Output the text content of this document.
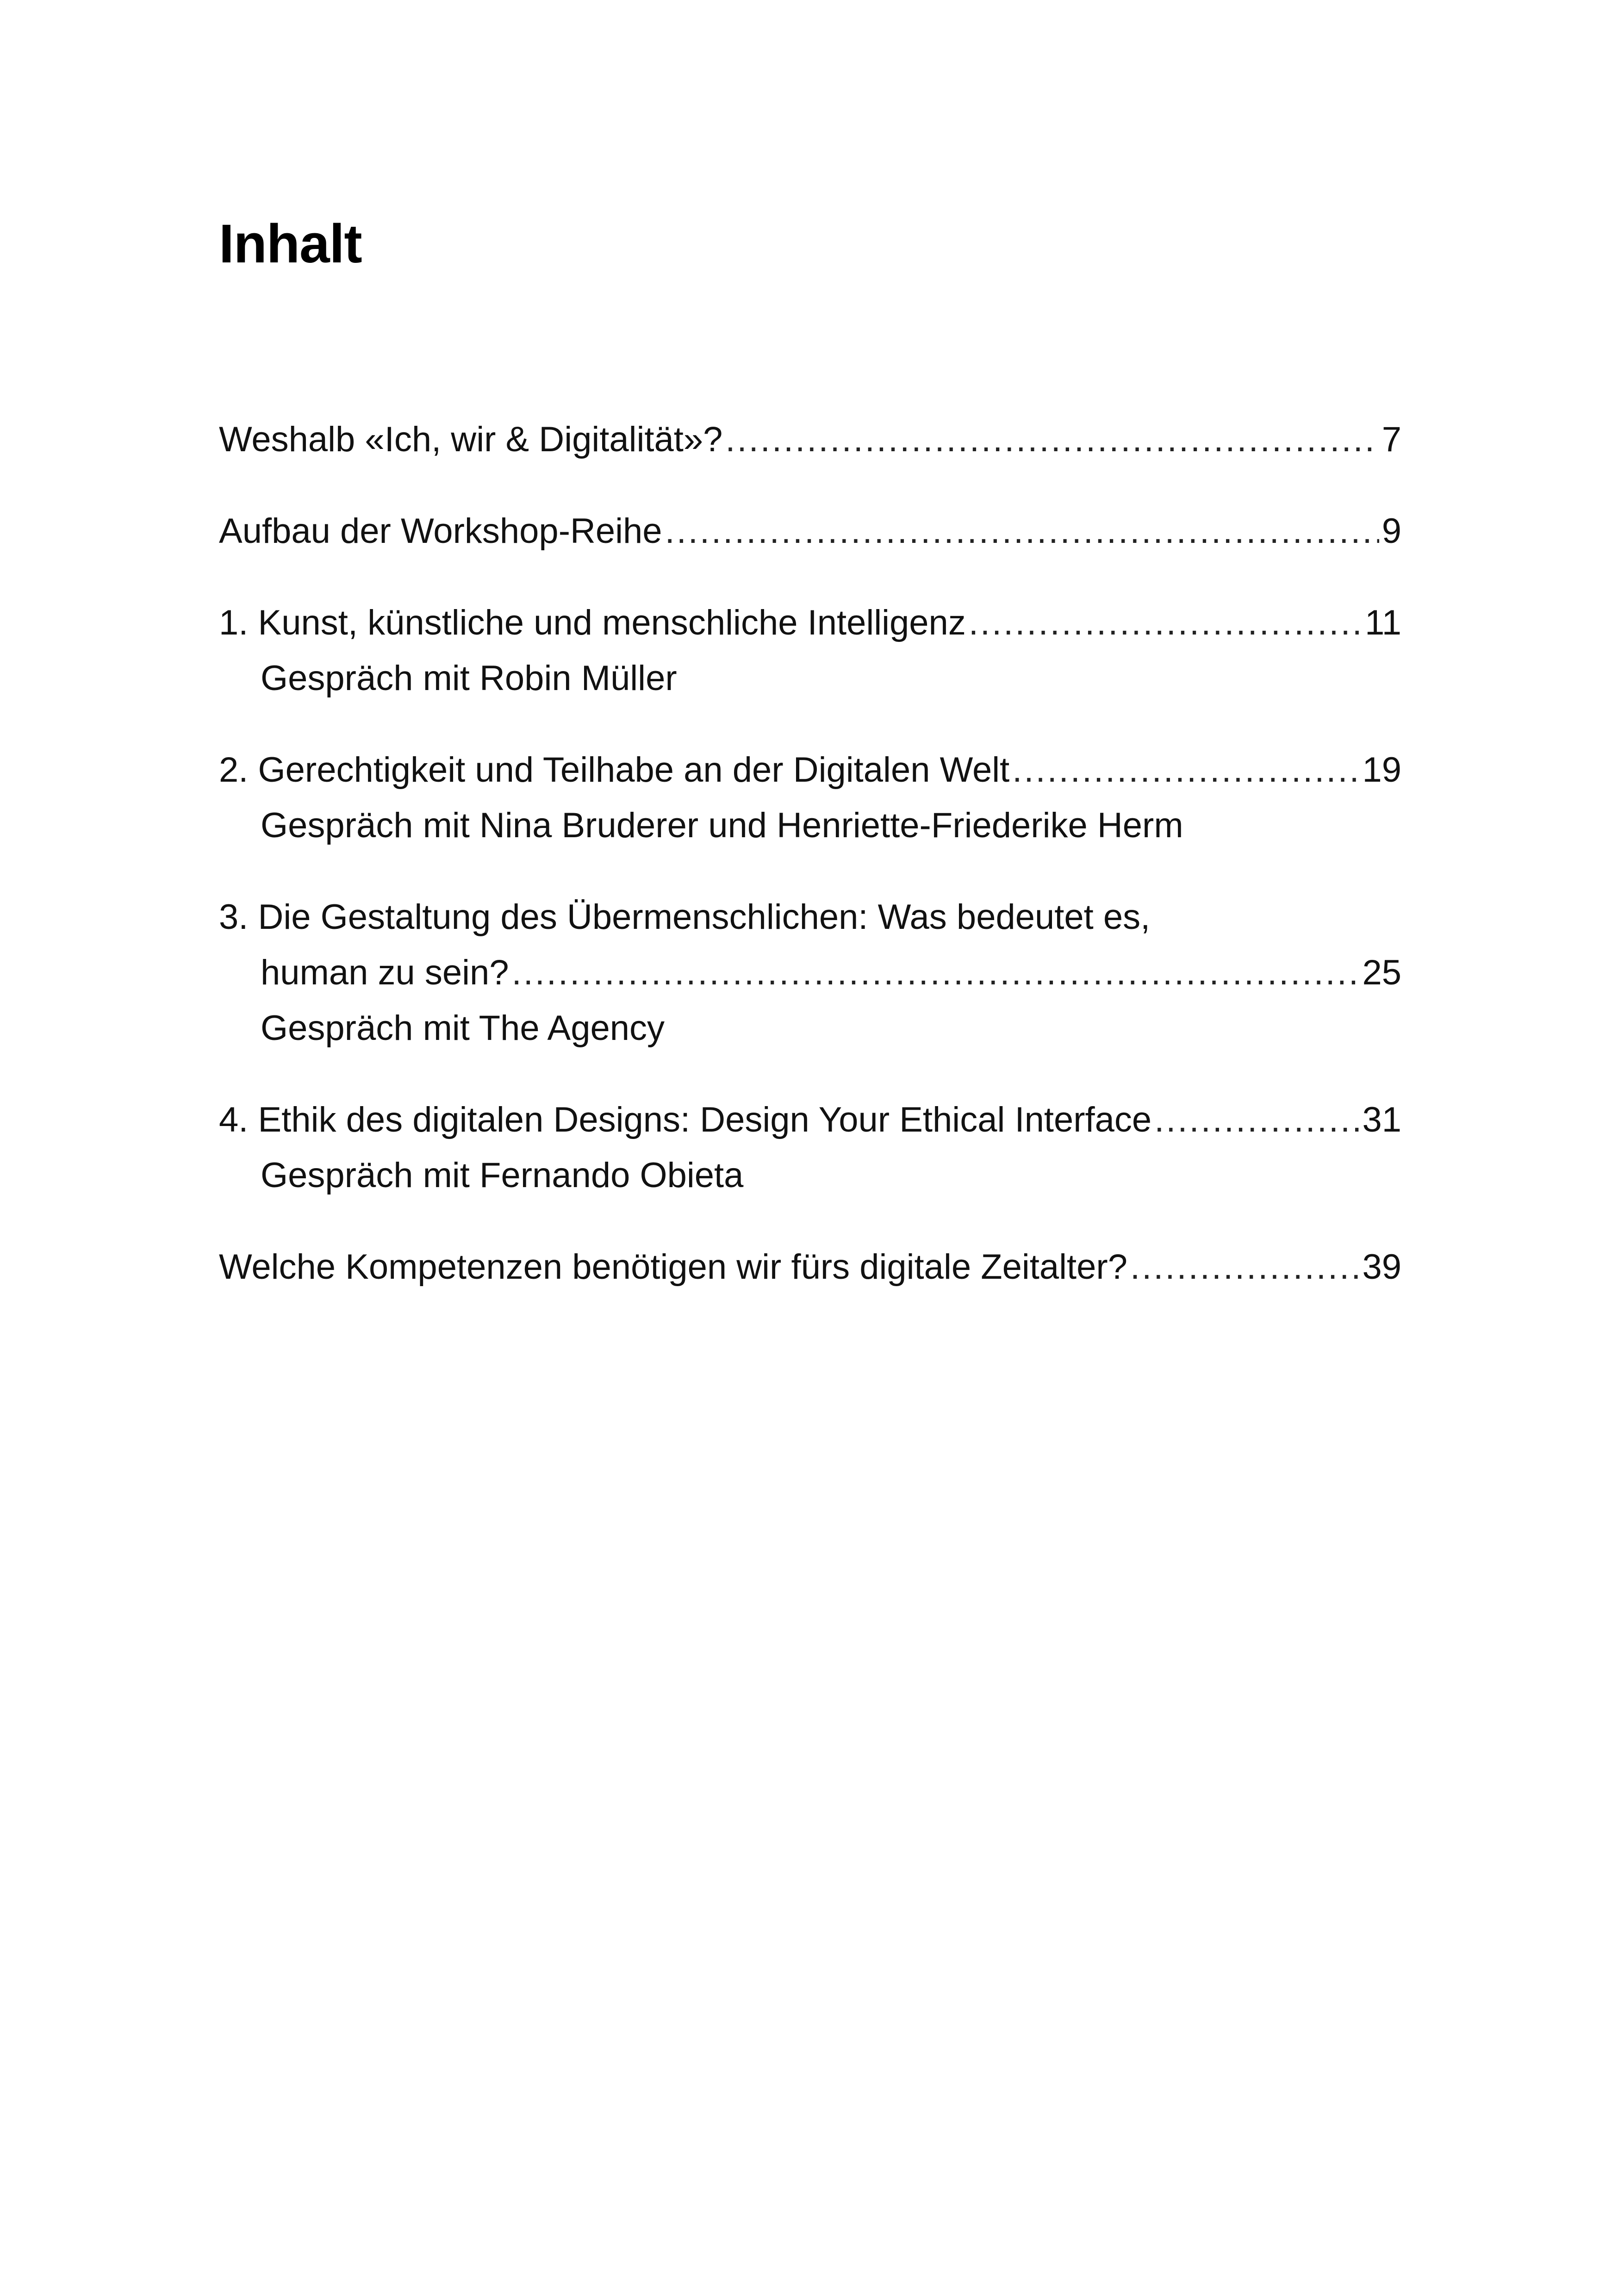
Inhalt
Weshalb «Ich, wir & Digitalität»? .....	7
Aufbau der Workshop-Reihe .....	9
1. Kunst, künstliche und menschliche Intelligenz .....	11
Gespräch mit Robin Müller
2. Gerechtigkeit und Teilhabe an der Digitalen Welt .....	19
Gespräch mit Nina Bruderer und Henriette-Friederike Herm
3. Die Gestaltung des Übermenschlichen: Was bedeutet es,
human zu sein? .....	25
Gespräch mit The Agency
4. Ethik des digitalen Designs: Design Your Ethical Interface .....	31
Gespräch mit Fernando Obieta
Welche Kompetenzen benötigen wir fürs digitale Zeitalter? .....	39
